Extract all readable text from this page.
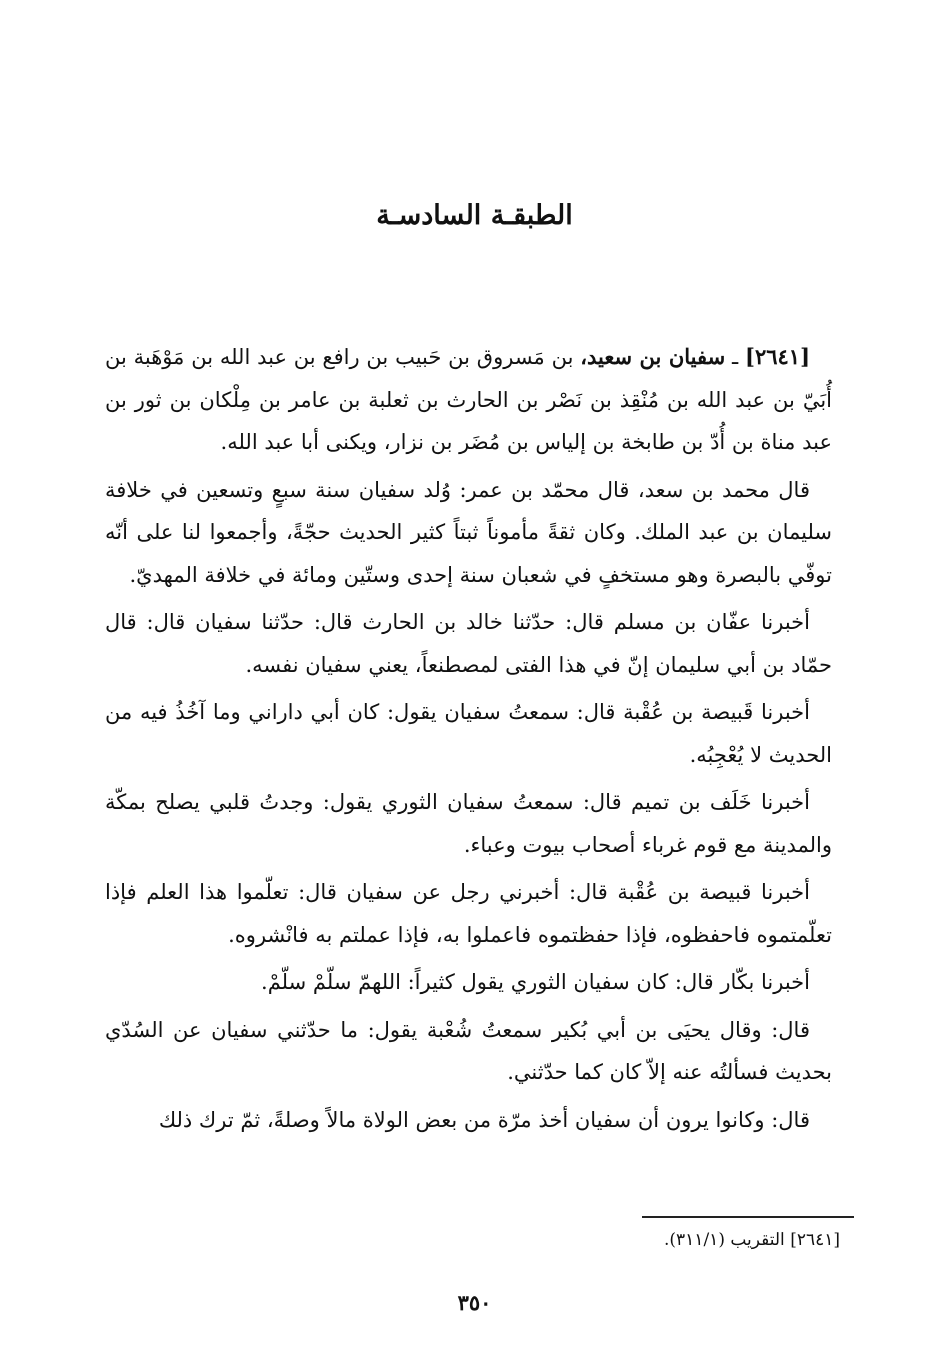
الطبقـة السادسـة

[٢٦٤١] ـ سفيان بن سعيد، بن مَسروق بن حَبيب بن رافع بن عبد الله بن مَوْهَبة بن أُبَيّ بن عبد الله بن مُنْقِذ بن نَصْر بن الحارث بن ثعلبة بن عامر بن مِلْكان بن ثور بن عبد مناة بن أُدّ بن طابخة بن إلياس بن مُضَر بن نزار، ويكنى أبا عبد الله.

قال محمد بن سعد، قال محمّد بن عمر: وُلد سفيان سنة سبعٍ وتسعين في خلافة سليمان بن عبد الملك. وكان ثقةً مأموناً ثبتاً كثير الحديث حجّةً، وأجمعوا لنا على أنّه توفّي بالبصرة وهو مستخفٍ في شعبان سنة إحدى وستّين ومائة في خلافة المهديّ.

أخبرنا عفّان بن مسلم قال: حدّثنا خالد بن الحارث قال: حدّثنا سفيان قال: قال حمّاد بن أبي سليمان إنّ في هذا الفتى لمصطنعاً، يعني سفيان نفسه.

أخبرنا قَبيصة بن عُقْبة قال: سمعتُ سفيان يقول: كان أبي داراني وما آخُذُ فيه من الحديث لا يُعْجِبُه.

أخبرنا خَلَف بن تميم قال: سمعتُ سفيان الثوري يقول: وجدتُ قلبي يصلح بمكّة والمدينة مع قوم غرباء أصحاب بيوت وعباء.

أخبرنا قبيصة بن عُقْبة قال: أخبرني رجل عن سفيان قال: تعلّموا هذا العلم فإذا تعلّمتموه فاحفظوه، فإذا حفظتموه فاعملوا به، فإذا عملتم به فانْشروه.

أخبرنا بكّار قال: كان سفيان الثوري يقول كثيراً: اللهمّ سلّمْ سلّمْ.

قال: وقال يحيَى بن أبي بُكير سمعتُ شُعْبة يقول: ما حدّثني سفيان عن السُدّي بحديث فسألتُه عنه إلاّ كان كما حدّثني.

قال: وكانوا يرون أن سفيان أخذ مرّة من بعض الولاة مالاً وصلةً، ثمّ ترك ذلك

[٢٦٤١] التقريب (٣١١/١).
٣٥٠
